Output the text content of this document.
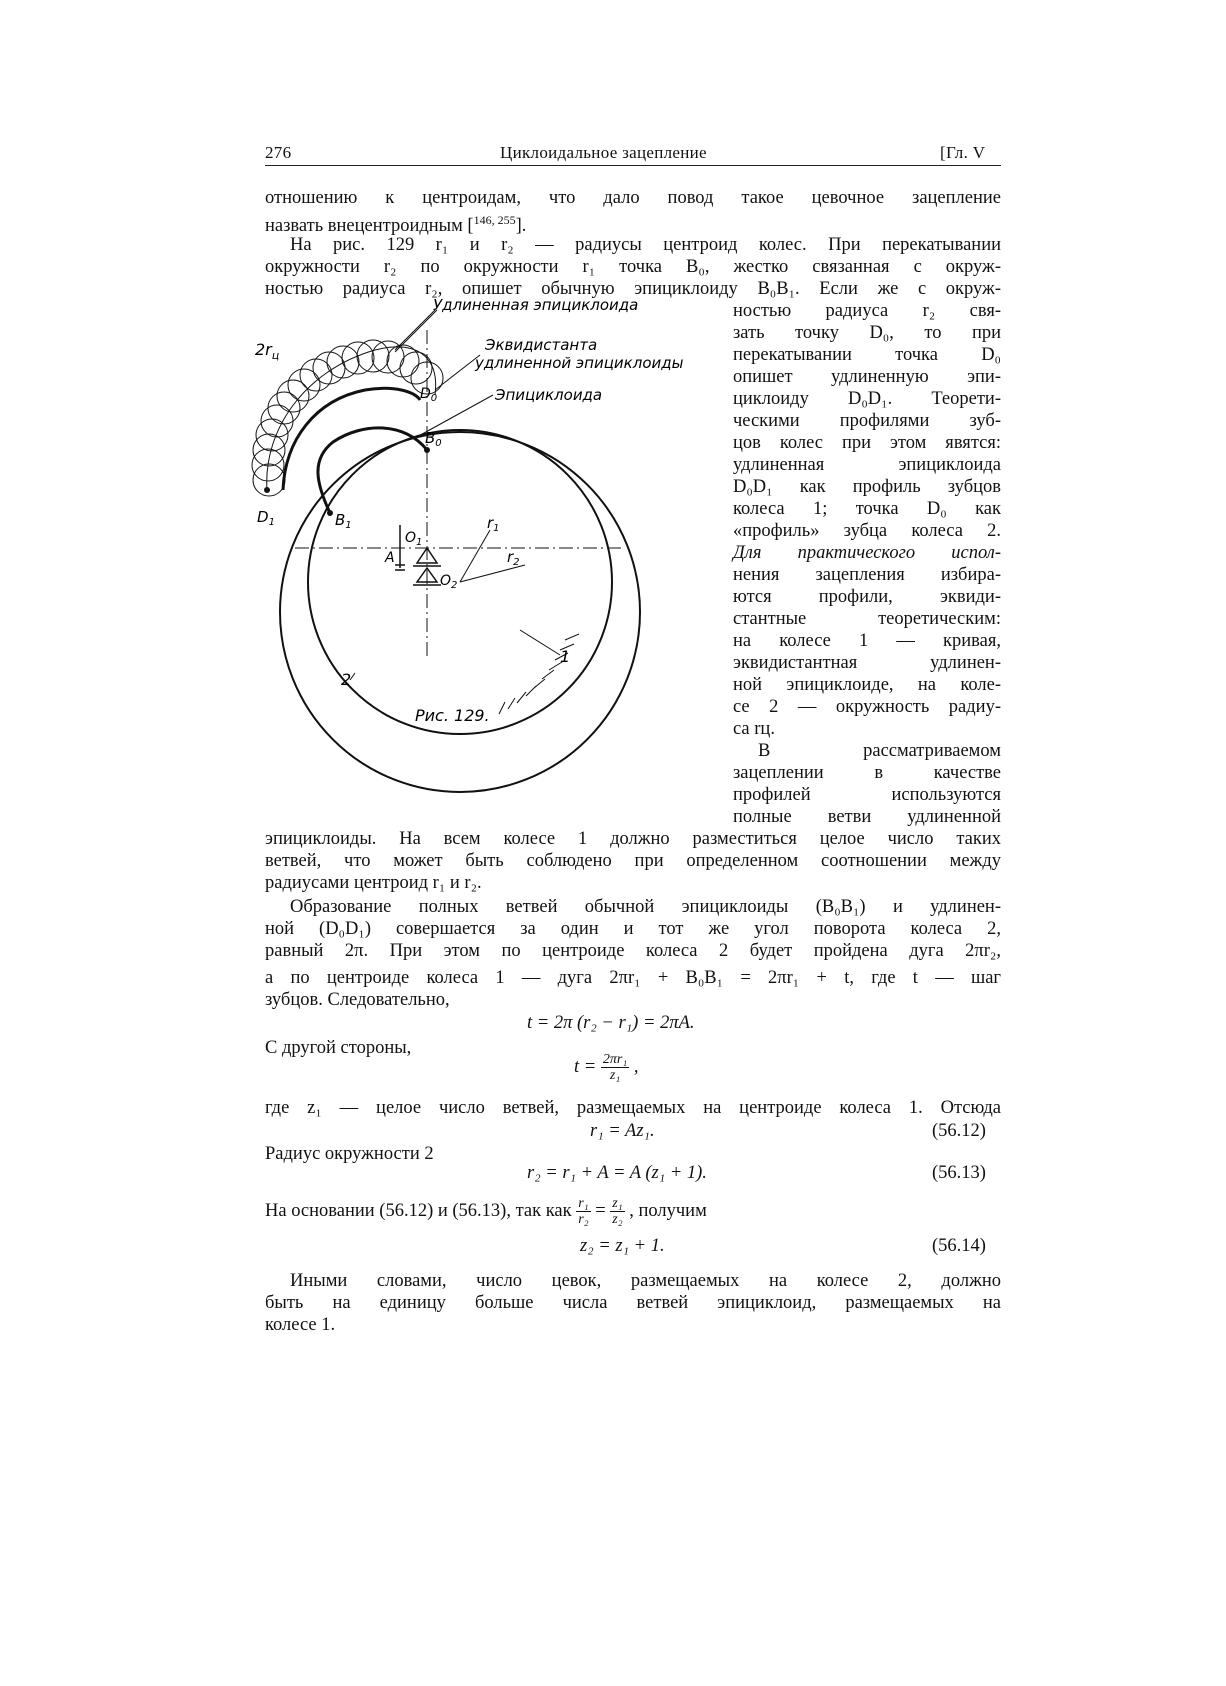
276	Циклоидальное зацепление	[Гл. V
отношению к центроидам, что дало повод такое цевочное зацепление
назвать внецентроидным [$^{146, 255}$].
На рис. 129 r₁ и r₂ — радиусы центроид колес. При перекатывании
окружности r₂ по окружности r₁ точка B₀, жестко связанная с окруж-
ностью радиуса r₂, опишет обычную эпициклоиду B₀B₁. Если же с окруж-
ностью радиуса r₂ свя-
зать точку D₀, то при
перекатывании точка D₀
опишет удлиненную эпи-
циклоиду D₀D₁. Теорети-
ческими профилями зуб-
цов колес при этом явятся:
удлиненная эпициклоида
D₀D₁ как профиль зубцов
колеса 1; точка D₀ как
«профиль» зубца колеса 2.
Для практического испол-
нения зацепления избира-
ются профили, эквиди-
стантные теоретическим:
на колесе 1 — кривая,
эквидистантная удлинен-
ной эпициклоиде, на коле-
се 2 — окружность радиу-
са rц.
В рассматриваемом
зацеплении в качестве
профилей используются
полные ветви удлиненной
Удлиненная эпициклоида
Эквидистанта
удлиненной эпициклоиды
Эпициклоида
$2r_ц$
$D_0$
$D_1$
$B_0$
$B_1$
$O_1$
$O_2$
A
$r_1$
$r_2$
1
2
Рис. 129.
эпициклоиды. На всем колесе 1 должно разместиться целое число таких
ветвей, что может быть соблюдено при определенном соотношении между
радиусами центроид r₁ и r₂.
Образование полных ветвей обычной эпициклоиды (B₀B₁) и удлинен-
ной (D₀D₁) совершается за один и тот же угол поворота колеса 2,
равный 2π. При этом по центроиде колеса 2 будет пройдена дуга 2πr₂,
а по центроиде колеса 1 — дуга 2πr₁ + B₀B₁ = 2πr₁ + t, где t — шаг
зубцов. Следовательно,
t = 2π (r₂ − r₁) = 2πA.
С другой стороны,
$t = \frac{\text{2πr₁}}{\text{z₁}}$ ,
где z₁ — целое число ветвей, размещаемых на центроиде колеса 1. Отсюда
r₁ = Az₁.	(56.12)
Радиус окружности 2
r₂ = r₁ + A = A (z₁ + 1).	(56.13)
На основании (56.12) и (56.13), так как $\frac{\text{r₁}}{\text{r₂}} = \frac{\text{z₁}}{\text{z₂}}$ , получим
z₂ = z₁ + 1.	(56.14)
Иными словами, число цевок, размещаемых на колесе 2, должно
быть на единицу больше числа ветвей эпициклоид, размещаемых на
колесе 1.
